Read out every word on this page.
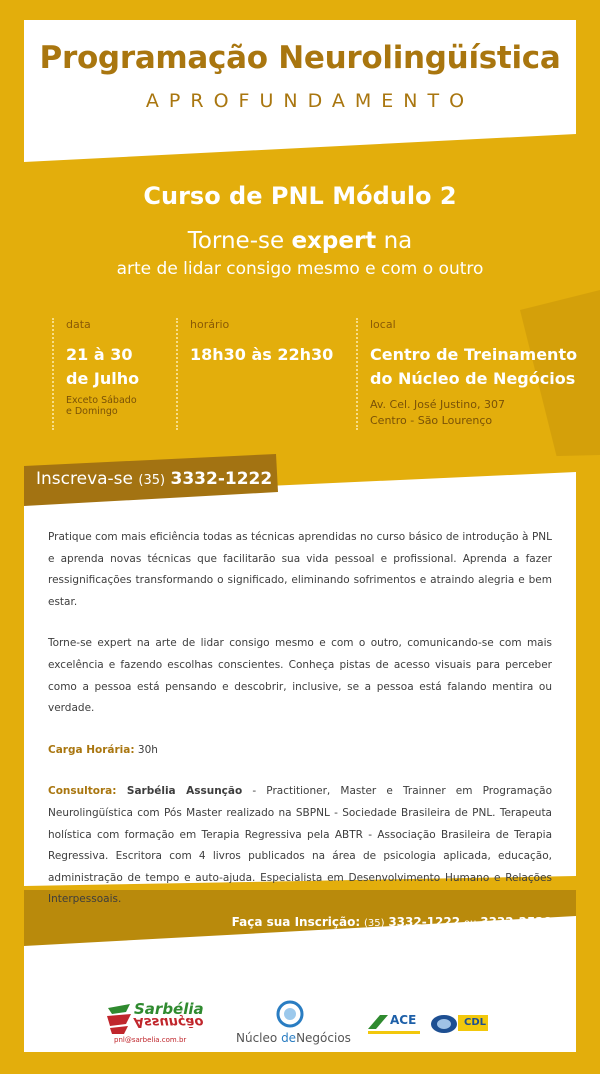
Programação Neurolingüística
APROFUNDAMENTO
Curso de PNL Módulo 2
Torne-se expert na
arte de lidar consigo mesmo e com o outro
data
21 à 30
de Julho
Exceto Sábado
e Domingo
horário
18h30 às 22h30
local
Centro de Treinamento
do Núcleo de Negócios
Av. Cel. José Justino, 307
Centro - São Lourenço
Inscreva-se (35) 3332-1222

Pratique com mais eficiência todas as técnicas aprendidas no curso básico de introdução à PNL e aprenda novas técnicas que facilitarão sua vida pessoal e profissional. Aprenda a fazer ressignificações transformando o significado, eliminando sofrimentos e atraindo alegria e bem estar.

Torne-se expert na arte de lidar consigo mesmo e com o outro, comunicando-se com mais excelência e fazendo escolhas conscientes. Conheça pistas de acesso visuais para perceber como a pessoa está pensando e descobrir, inclusive, se a pessoa está falando mentira ou verdade.

Carga Horária: 30h

Consultora: Sarbélia Assunção - Practitioner, Master e Trainner em Programação Neurolingüística com Pós Master realizado na SBPNL - Sociedade Brasileira de PNL. Terapeuta holística com formação em Terapia Regressiva pela ABTR - Associação Brasileira de Terapia Regressiva. Escritora com 4 livros publicados na área de psicologia aplicada, educação, administração de tempo e auto-ajuda. Especialista em Desenvolvimento Humano e Relações Interpessoais.

Faça sua Inscrição: (35) 3332-1222 ou 3332-2528
Sarbélia
Assunção
pnl@sarbelia.com.br	Núcleo deNegócios
ACE	CDL
